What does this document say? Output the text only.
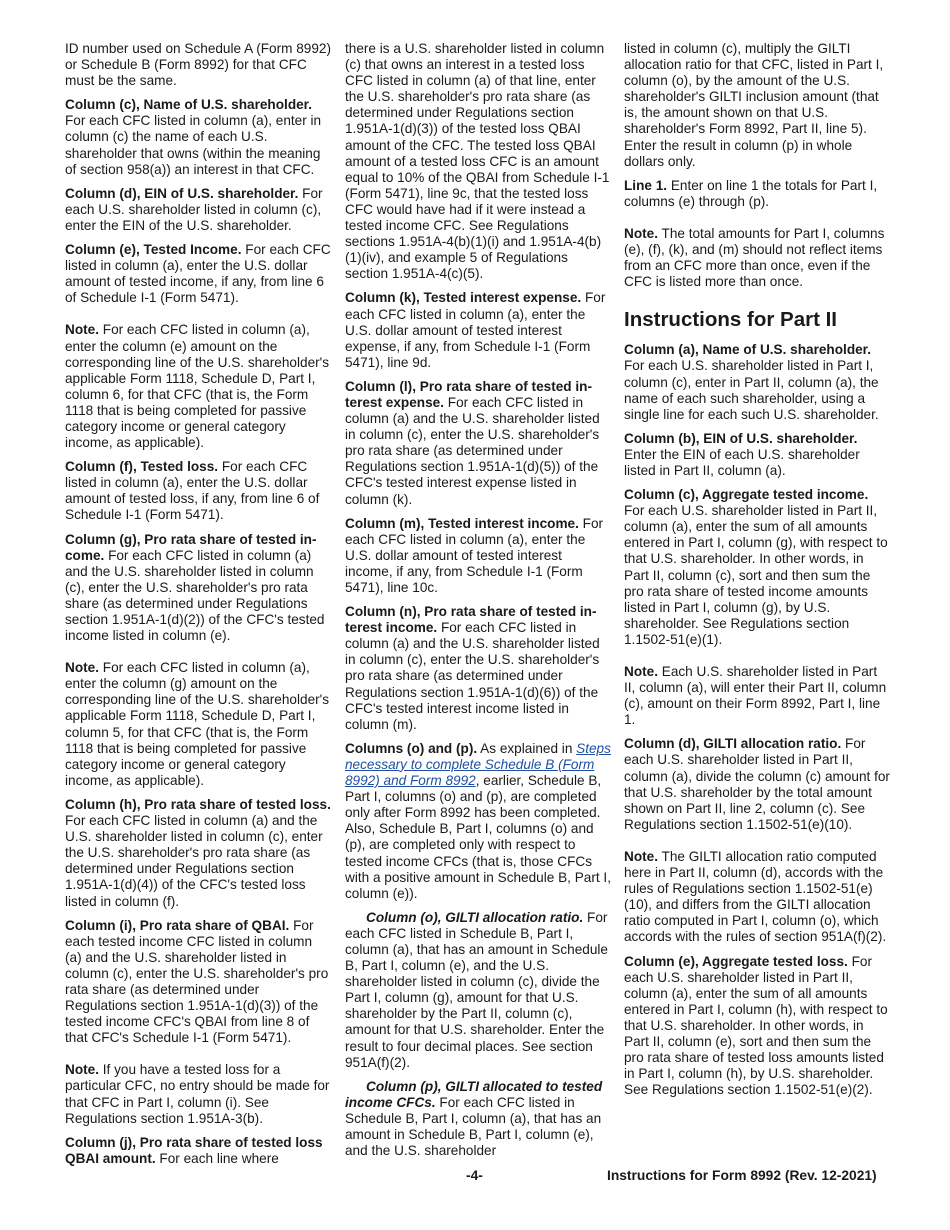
ID number used on Schedule A (Form 8992) or Schedule B (Form 8992) for that CFC must be the same.

Column (c), Name of U.S. shareholder. For each CFC listed in column (a), enter in column (c) the name of each U.S. shareholder that owns (within the meaning of section 958(a)) an interest in that CFC.

Column (d), EIN of U.S. shareholder. For each U.S. shareholder listed in column (c), enter the EIN of the U.S. shareholder.

Column (e), Tested Income. For each CFC listed in column (a), enter the U.S. dollar amount of tested income, if any, from line 6 of Schedule I-1 (Form 5471).

Note. For each CFC listed in column (a), enter the column (e) amount on the corresponding line of the U.S. shareholder's applicable Form 1118, Schedule D, Part I, column 6, for that CFC (that is, the Form 1118 that is being completed for passive category income or general category income, as applicable).

Column (f), Tested loss. For each CFC listed in column (a), enter the U.S. dollar amount of tested loss, if any, from line 6 of Schedule I-1 (Form 5471).

Column (g), Pro rata share of tested income. For each CFC listed in column (a) and the U.S. shareholder listed in column (c), enter the U.S. shareholder's pro rata share (as determined under Regulations section 1.951A-1(d)(2)) of the CFC's tested income listed in column (e).

Note. For each CFC listed in column (a), enter the column (g) amount on the corresponding line of the U.S. shareholder's applicable Form 1118, Schedule D, Part I, column 5, for that CFC (that is, the Form 1118 that is being completed for passive category income or general category income, as applicable).

Column (h), Pro rata share of tested loss. For each CFC listed in column (a) and the U.S. shareholder listed in column (c), enter the U.S. shareholder's pro rata share (as determined under Regulations section 1.951A-1(d)(4)) of the CFC's tested loss listed in column (f).

Column (i), Pro rata share of QBAI. For each tested income CFC listed in column (a) and the U.S. shareholder listed in column (c), enter the U.S. shareholder's pro rata share (as determined under Regulations section 1.951A-1(d)(3)) of the tested income CFC's QBAI from line 8 of that CFC's Schedule I-1 (Form 5471).

Note. If you have a tested loss for a particular CFC, no entry should be made for that CFC in Part I, column (i). See Regulations section 1.951A-3(b).

Column (j), Pro rata share of tested loss QBAI amount. For each line where

there is a U.S. shareholder listed in column (c) that owns an interest in a tested loss CFC listed in column (a) of that line, enter the U.S. shareholder's pro rata share (as determined under Regulations section 1.951A-1(d)(3)) of the tested loss QBAI amount of the CFC. The tested loss QBAI amount of a tested loss CFC is an amount equal to 10% of the QBAI from Schedule I-1 (Form 5471), line 9c, that the tested loss CFC would have had if it were instead a tested income CFC. See Regulations sections 1.951A-4(b)(1)(i) and 1.951A-4(b)(1)(iv), and example 5 of Regulations section 1.951A-4(c)(5).

Column (k), Tested interest expense. For each CFC listed in column (a), enter the U.S. dollar amount of tested interest expense, if any, from Schedule I-1 (Form 5471), line 9d.

Column (l), Pro rata share of tested interest expense. For each CFC listed in column (a) and the U.S. shareholder listed in column (c), enter the U.S. shareholder's pro rata share (as determined under Regulations section 1.951A-1(d)(5)) of the CFC's tested interest expense listed in column (k).

Column (m), Tested interest income. For each CFC listed in column (a), enter the U.S. dollar amount of tested interest income, if any, from Schedule I-1 (Form 5471), line 10c.

Column (n), Pro rata share of tested interest income. For each CFC listed in column (a) and the U.S. shareholder listed in column (c), enter the U.S. shareholder's pro rata share (as determined under Regulations section 1.951A-1(d)(6)) of the CFC's tested interest income listed in column (m).

Columns (o) and (p). As explained in Steps necessary to complete Schedule B (Form 8992) and Form 8992, earlier, Schedule B, Part I, columns (o) and (p), are completed only after Form 8992 has been completed. Also, Schedule B, Part I, columns (o) and (p), are completed only with respect to tested income CFCs (that is, those CFCs with a positive amount in Schedule B, Part I, column (e)).

Column (o), GILTI allocation ratio. For each CFC listed in Schedule B, Part I, column (a), that has an amount in Schedule B, Part I, column (e), and the U.S. shareholder listed in column (c), divide the Part I, column (g), amount for that U.S. shareholder by the Part II, column (c), amount for that U.S. shareholder. Enter the result to four decimal places. See section 951A(f)(2).

Column (p), GILTI allocated to tested income CFCs. For each CFC listed in Schedule B, Part I, column (a), that has an amount in Schedule B, Part I, column (e), and the U.S. shareholder

listed in column (c), multiply the GILTI allocation ratio for that CFC, listed in Part I, column (o), by the amount of the U.S. shareholder's GILTI inclusion amount (that is, the amount shown on that U.S. shareholder's Form 8992, Part II, line 5). Enter the result in column (p) in whole dollars only.

Line 1. Enter on line 1 the totals for Part I, columns (e) through (p).

Note. The total amounts for Part I, columns (e), (f), (k), and (m) should not reflect items from an CFC more than once, even if the CFC is listed more than once.

Instructions for Part II

Column (a), Name of U.S. shareholder. For each U.S. shareholder listed in Part I, column (c), enter in Part II, column (a), the name of each such shareholder, using a single line for each such U.S. shareholder.

Column (b), EIN of U.S. shareholder. Enter the EIN of each U.S. shareholder listed in Part II, column (a).

Column (c), Aggregate tested income. For each U.S. shareholder listed in Part II, column (a), enter the sum of all amounts entered in Part I, column (g), with respect to that U.S. shareholder. In other words, in Part II, column (c), sort and then sum the pro rata share of tested income amounts listed in Part I, column (g), by U.S. shareholder. See Regulations section 1.1502-51(e)(1).

Note. Each U.S. shareholder listed in Part II, column (a), will enter their Part II, column (c), amount on their Form 8992, Part I, line 1.

Column (d), GILTI allocation ratio. For each U.S. shareholder listed in Part II, column (a), divide the column (c) amount for that U.S. shareholder by the total amount shown on Part II, line 2, column (c). See Regulations section 1.1502-51(e)(10).

Note. The GILTI allocation ratio computed here in Part II, column (d), accords with the rules of Regulations section 1.1502-51(e)(10), and differs from the GILTI allocation ratio computed in Part I, column (o), which accords with the rules of section 951A(f)(2).

Column (e), Aggregate tested loss. For each U.S. shareholder listed in Part II, column (a), enter the sum of all amounts entered in Part I, column (h), with respect to that U.S. shareholder. In other words, in Part II, column (e), sort and then sum the pro rata share of tested loss amounts listed in Part I, column (h), by U.S. shareholder. See Regulations section 1.1502-51(e)(2).

-4-	Instructions for Form 8992 (Rev. 12-2021)
